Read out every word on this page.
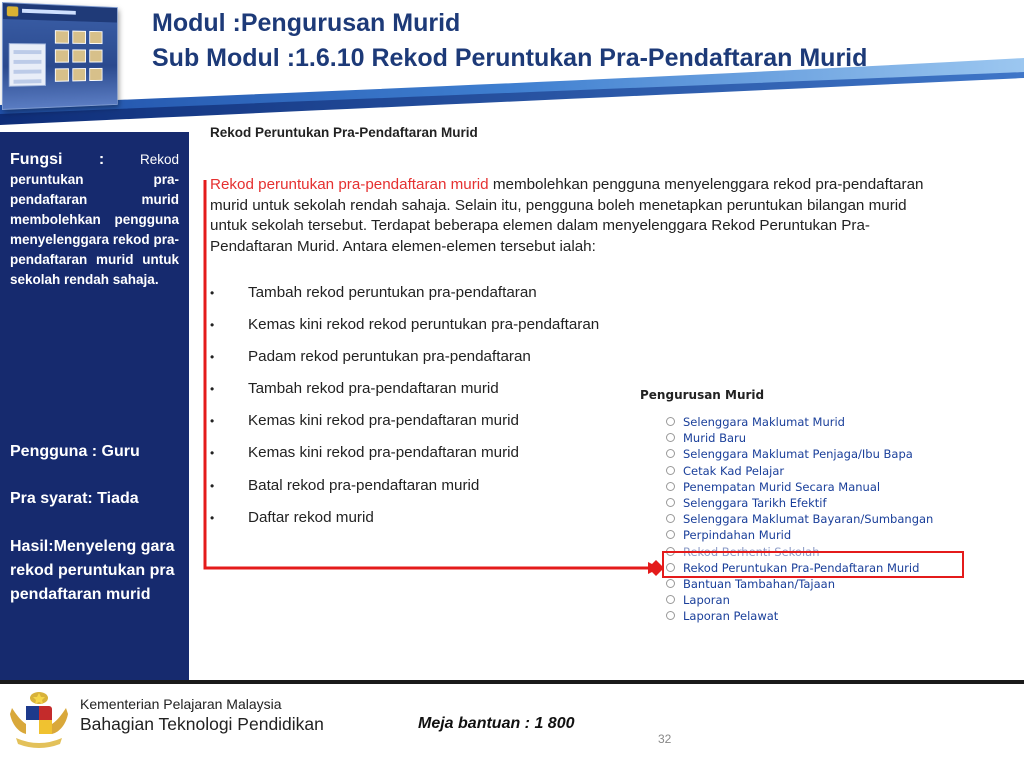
Modul :Pengurusan Murid
Sub Modul :1.6.10 Rekod Peruntukan Pra-Pendaftaran Murid
Fungsi :	Rekod peruntukan pra-pendaftaran murid membolehkan pengguna menyelenggara rekod pra-pendaftaran murid untuk sekolah rendah sahaja.
Pengguna : Guru
Pra syarat: Tiada
Hasil:Menyeleng gara rekod peruntukan pra pendaftaran murid
Rekod Peruntukan Pra-Pendaftaran Murid
Rekod peruntukan pra-pendaftaran murid membolehkan pengguna menyelenggara rekod pra-pendaftaran murid untuk sekolah rendah sahaja. Selain itu, pengguna boleh menetapkan peruntukan bilangan murid untuk sekolah tersebut. Terdapat beberapa elemen dalam menyelenggara Rekod Peruntukan Pra-Pendaftaran Murid. Antara elemen-elemen tersebut ialah:
• Tambah rekod peruntukan pra-pendaftaran
• Kemas kini rekod rekod peruntukan pra-pendaftaran
• Padam rekod peruntukan pra-pendaftaran
• Tambah rekod pra-pendaftaran murid
• Kemas kini rekod pra-pendaftaran murid
• Kemas kini rekod pra-pendaftaran murid
• Batal rekod pra-pendaftaran murid
• Daftar rekod murid
Pengurusan Murid
Selenggara Maklumat Murid
Murid Baru
Selenggara Maklumat Penjaga/Ibu Bapa
Cetak Kad Pelajar
Penempatan Murid Secara Manual
Selenggara Tarikh Efektif
Selenggara Maklumat Bayaran/Sumbangan
Perpindahan Murid
Rekod Berhenti Sekolah
Rekod Peruntukan Pra-Pendaftaran Murid
Bantuan Tambahan/Tajaan
Laporan
Laporan Pelawat
Kementerian Pelajaran Malaysia
Bahagian Teknologi Pendidikan	Meja bantuan : 1 800
32
